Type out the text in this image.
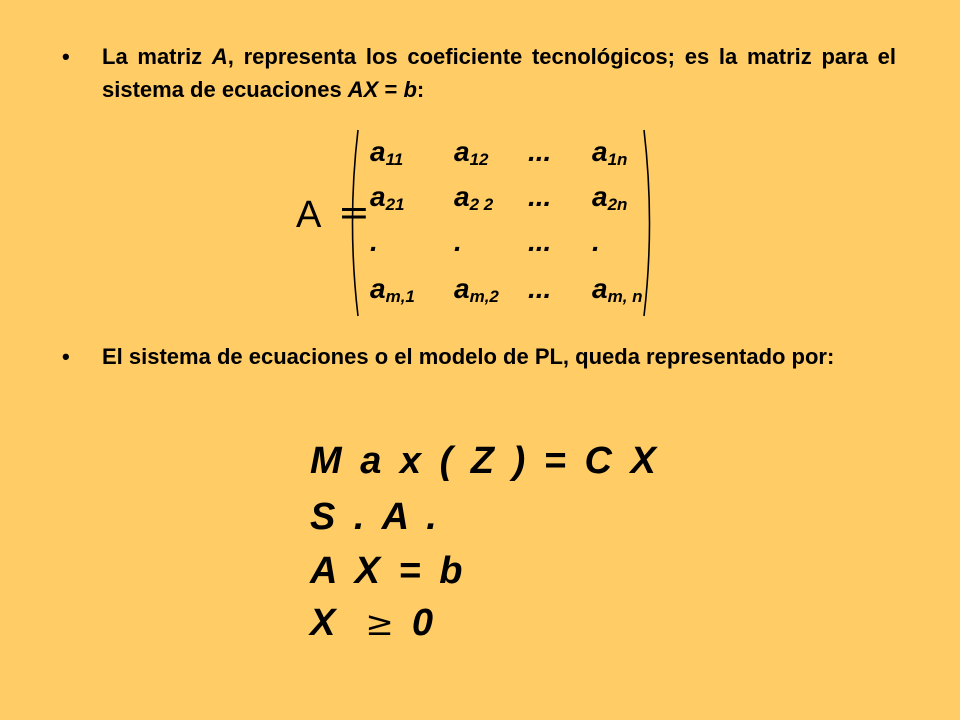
•	La matriz A, representa los coeficiente tecnológicos; es la matriz para el sistema de ecuaciones AX = b:
A =
$a_{11}$ $a_{12}$ ... $a_{1n}$
$a_{21}$ $a_{2 2}$ ... $a_{2n}$
.	. ... .
$a_{m,1}$ $a_{m,2}$ ... $a_{m, n}$
•	El sistema de ecuaciones o el modelo de PL, queda representado por:
M a x ( Z ) = C X
S . A .
A X = b
X ≥ 0
